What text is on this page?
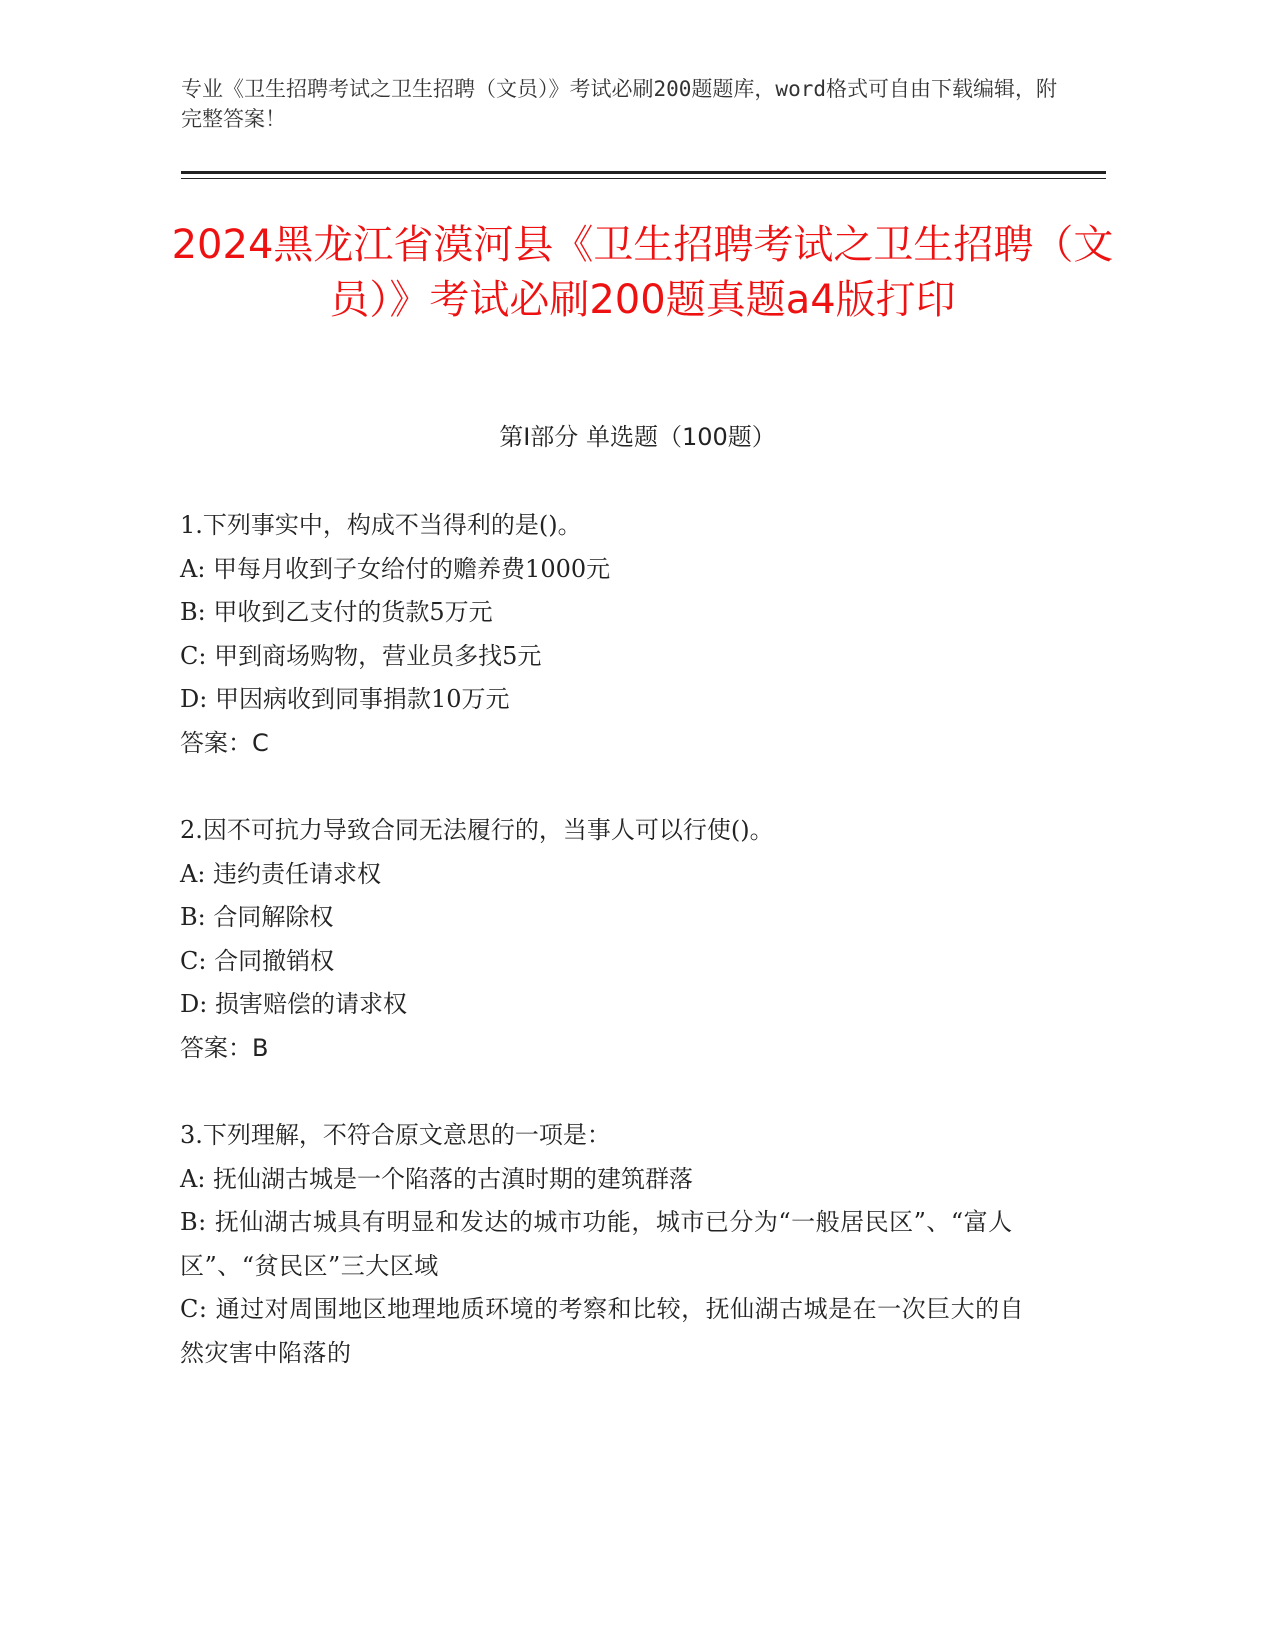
专业《卫生招聘考试之卫生招聘（文员）》考试必刷200题题库，word格式可自由下载编辑，附完整答案！
2024黑龙江省漠河县《卫生招聘考试之卫生招聘（文员）》考试必刷200题真题a4版打印
第Ⅰ部分 单选题（100题）
1.下列事实中，构成不当得利的是()。
A: 甲每月收到子女给付的赡养费1000元
B: 甲收到乙支付的货款5万元
C: 甲到商场购物，营业员多找5元
D: 甲因病收到同事捐款10万元
答案：C
2.因不可抗力导致合同无法履行的，当事人可以行使()。
A: 违约责任请求权
B: 合同解除权
C: 合同撤销权
D: 损害赔偿的请求权
答案：B
3.下列理解，不符合原文意思的一项是：
A: 抚仙湖古城是一个陷落的古滇时期的建筑群落
B: 抚仙湖古城具有明显和发达的城市功能，城市已分为“一般居民区”、“富人区”、“贫民区”三大区域
C: 通过对周围地区地理地质环境的考察和比较，抚仙湖古城是在一次巨大的自然灾害中陷落的
